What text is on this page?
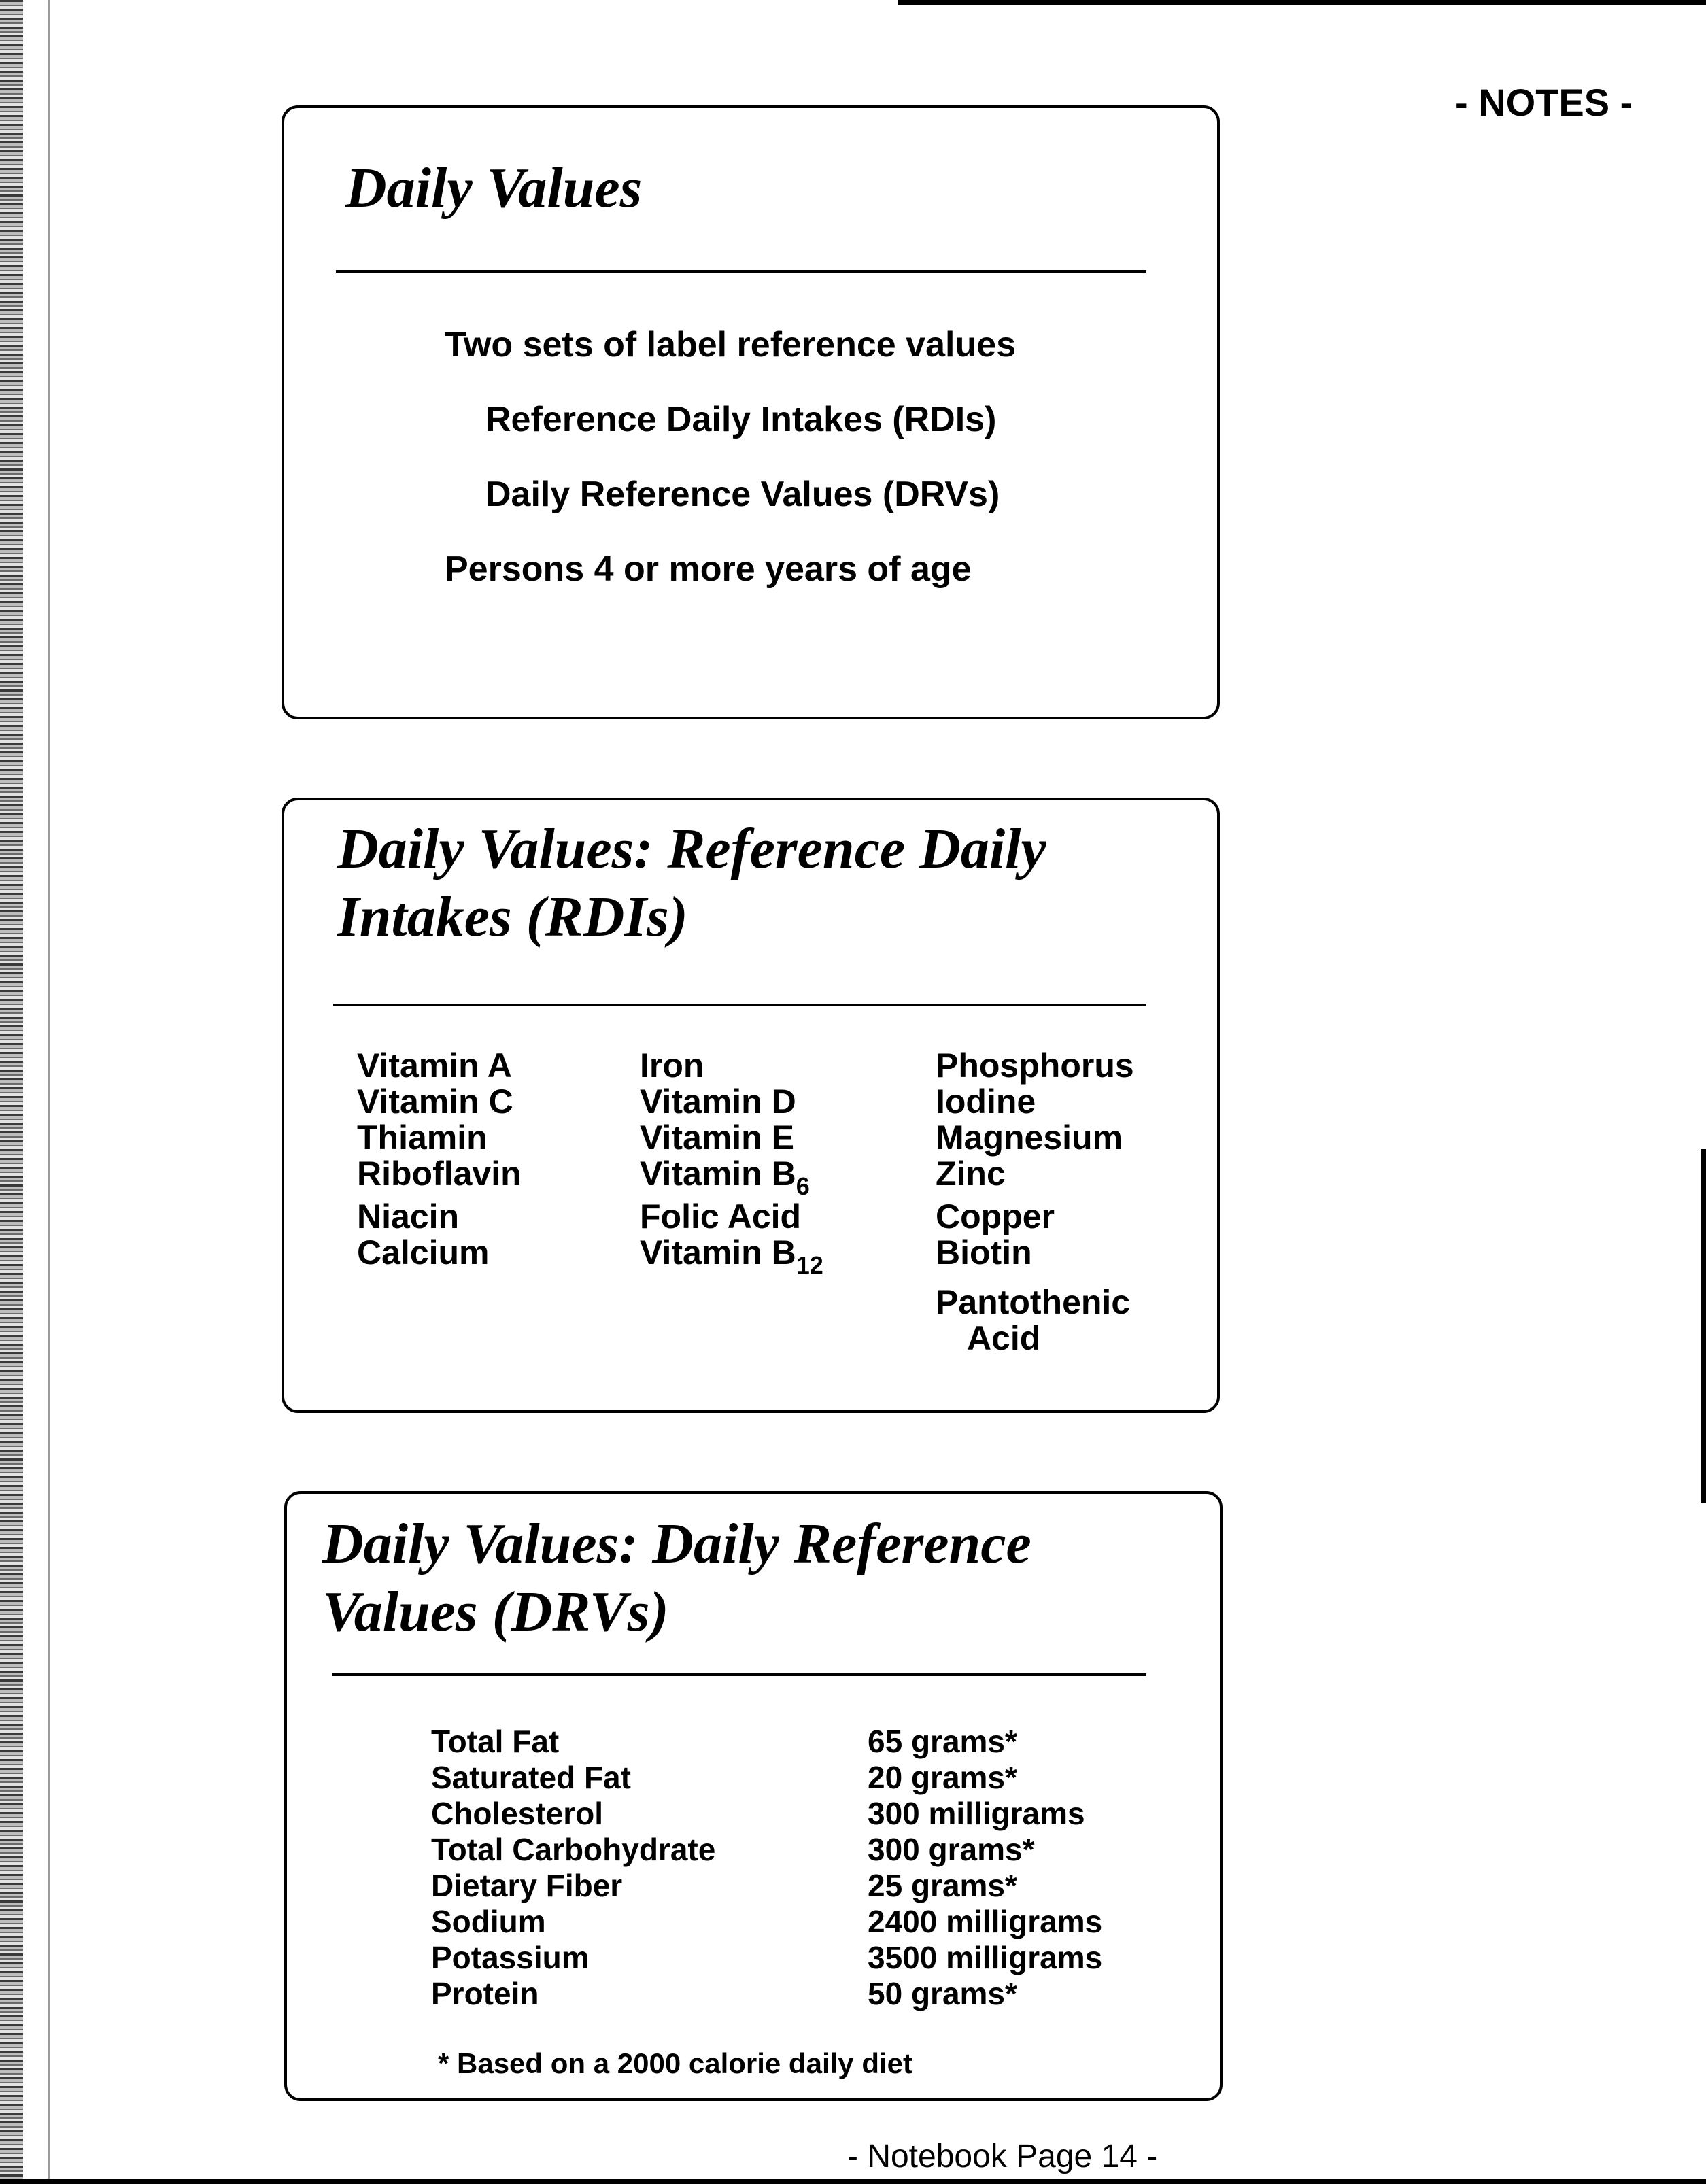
- NOTES -
Daily Values
Two sets of label reference values
Reference Daily Intakes (RDIs)
Daily Reference Values (DRVs)
Persons 4 or more years of age
Daily Values: Reference Daily
Intakes (RDIs)
Vitamin A
Vitamin C
Thiamin
Riboflavin
Niacin
Calcium
Iron
Vitamin D
Vitamin E
Vitamin $B_6$
Folic Acid
Vitamin $B_{12}$
Phosphorus
Iodine
Magnesium
Zinc
Copper
Biotin
Pantothenic
Acid
Daily Values: Daily Reference
Values (DRVs)
Total Fat
Saturated Fat
Cholesterol
Total Carbohydrate
Dietary Fiber
Sodium
Potassium
Protein
65 grams*
20 grams*
300 milligrams
300 grams*
25 grams*
2400 milligrams
3500 milligrams
50 grams*
* Based on a 2000 calorie daily diet
- Notebook Page 14 -
